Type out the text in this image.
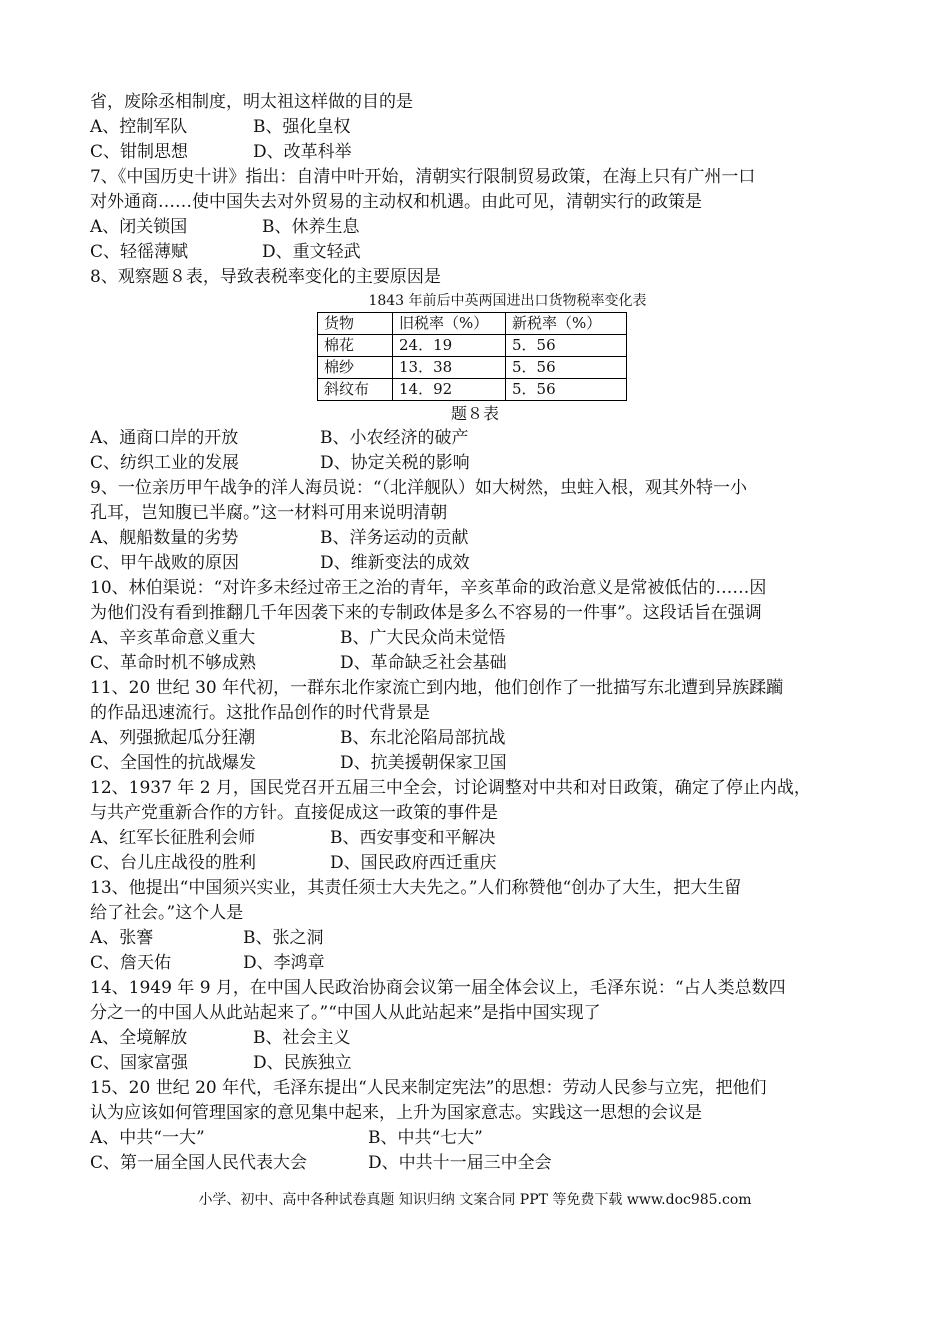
省，废除丞相制度，明太祖这样做的目的是
A、控制军队	B、强化皇权
C、钳制思想	D、改革科举
7、《中国历史十讲》指出：自清中叶开始，清朝实行限制贸易政策，在海上只有广州一口
对外通商……使中国失去对外贸易的主动权和机遇。由此可见，清朝实行的政策是
A、闭关锁国	B、休养生息
C、轻徭薄赋	D、重文轻武
8、观察题８表，导致表税率变化的主要原因是
1843 年前后中英两国进出口货物税率变化表
货物	旧税率（%）	新税率（%）
棉花	24．19	5．56
棉纱	13．38	5．56
斜纹布	14．92	5．56
题８表
A、通商口岸的开放	B、小农经济的破产
C、纺织工业的发展	D、协定关税的影响
9、一位亲历甲午战争的洋人海员说：“（北洋舰队）如大树然，虫蛀入根，观其外特一小
孔耳，岂知腹已半腐。”这一材料可用来说明清朝
A、舰船数量的劣势	B、洋务运动的贡献
C、甲午战败的原因	D、维新变法的成效
10、林伯渠说：“对许多未经过帝王之治的青年，辛亥革命的政治意义是常被低估的……因
为他们没有看到推翻几千年因袭下来的专制政体是多么不容易的一件事”。这段话旨在强调
A、辛亥革命意义重大	B、广大民众尚未觉悟
C、革命时机不够成熟	D、革命缺乏社会基础
11、20 世纪 30 年代初，一群东北作家流亡到内地，他们创作了一批描写东北遭到异族蹂躏
的作品迅速流行。这批作品创作的时代背景是
A、列强掀起瓜分狂潮	B、东北沦陷局部抗战
C、全国性的抗战爆发	D、抗美援朝保家卫国
12、1937 年 2 月，国民党召开五届三中全会，讨论调整对中共和对日政策，确定了停止内战，
与共产党重新合作的方针。直接促成这一政策的事件是
A、红军长征胜利会师	B、西安事变和平解决
C、台儿庄战役的胜利	D、国民政府西迁重庆
13、他提出“中国须兴实业，其责任须士大夫先之。”人们称赞他“创办了大生，把大生留
给了社会。”这个人是
A、张謇	B、张之洞
C、詹天佑	D、李鸿章
14、1949 年 9 月，在中国人民政治协商会议第一届全体会议上，毛泽东说：“占人类总数四
分之一的中国人从此站起来了。”“中国人从此站起来”是指中国实现了
A、全境解放	B、社会主义
C、国家富强	D、民族独立
15、20 世纪 20 年代，毛泽东提出“人民来制定宪法”的思想：劳动人民参与立宪，把他们
认为应该如何管理国家的意见集中起来，上升为国家意志。实践这一思想的会议是
A、中共“一大”	B、中共“七大”
C、第一届全国人民代表大会	D、中共十一届三中全会
小学、初中、高中各种试卷真题 知识归纳 文案合同 PPT 等免费下载 www.doc985.com
